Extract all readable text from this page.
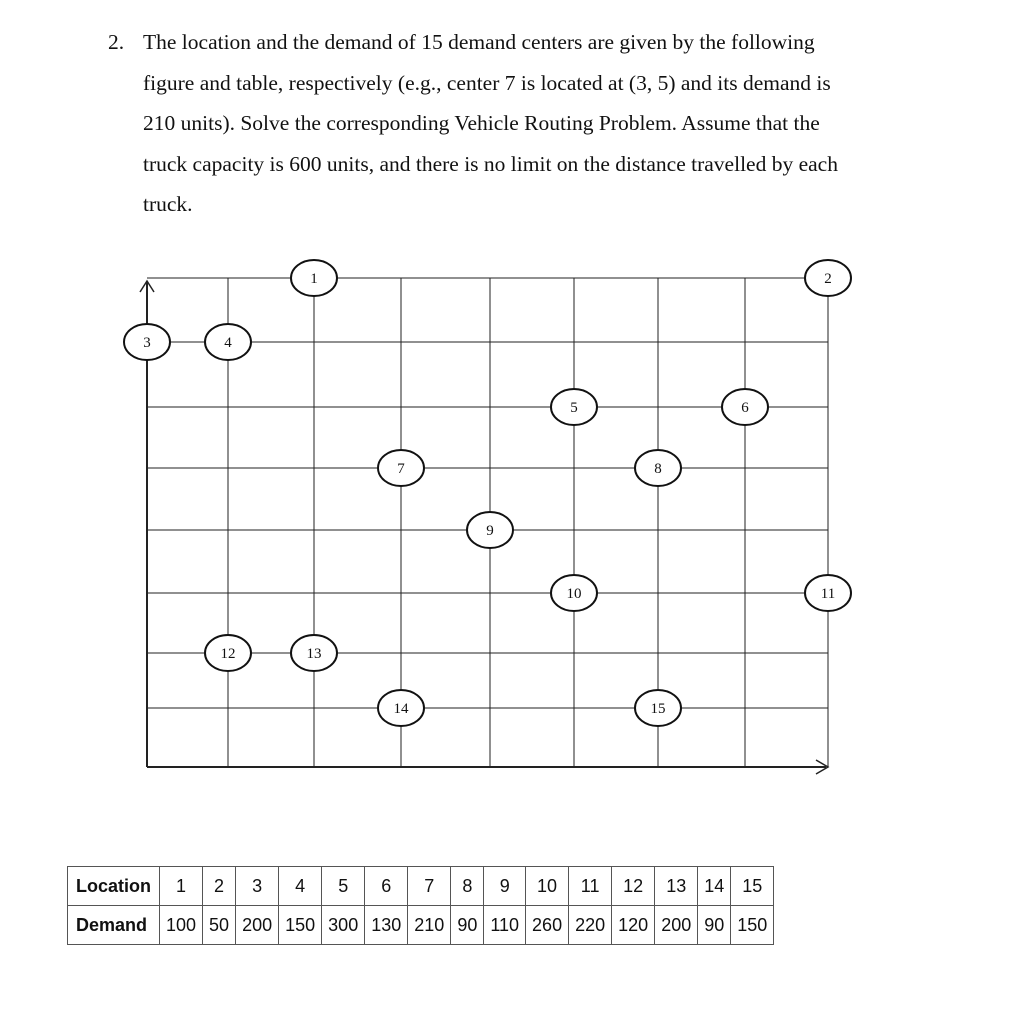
2. The location and the demand of 15 demand centers are given by the following
figure and table, respectively (e.g., center 7 is located at (3, 5) and its demand is
210 units). Solve the corresponding Vehicle Routing Problem. Assume that the
truck capacity is 600 units, and there is no limit on the distance travelled by each
truck.
1	2
3	4
5	6
7	8
9
10	11
12	13
14	15
Location	1	2	3	4	5	6	7	8	9	10	11	12	13	14	15
Demand	100	50	200	150	300	130	210	90	110	260	220	120	200	90	150
